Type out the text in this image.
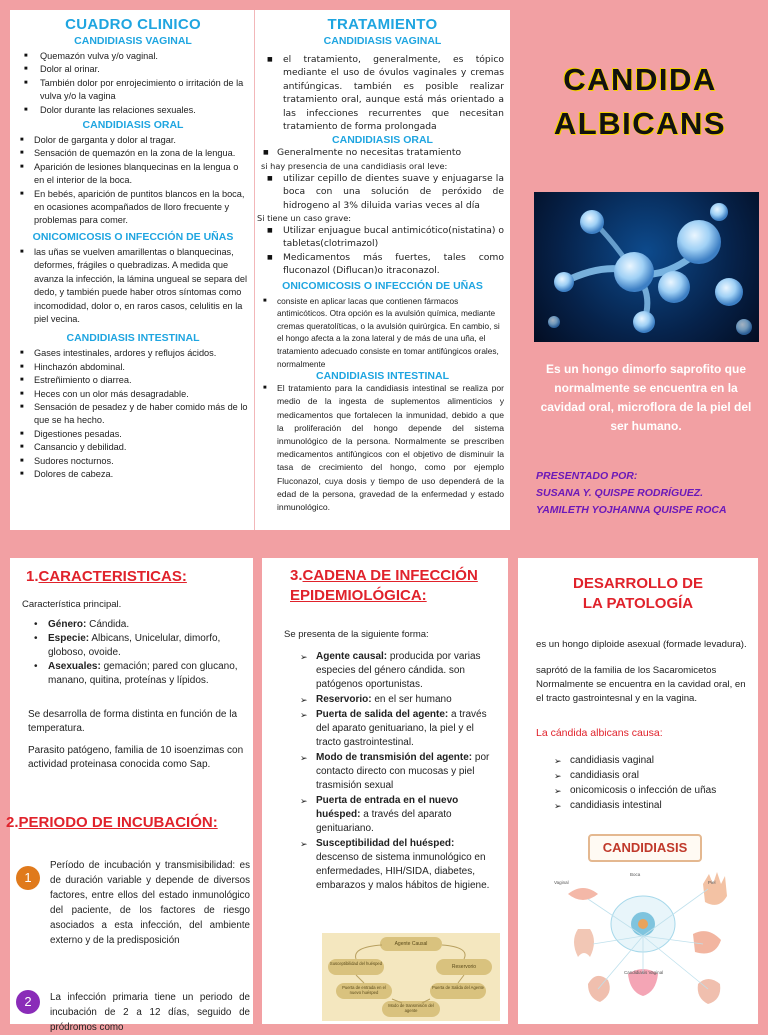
CUADRO CLINICO
CANDIDIASIS VAGINAL
■ Quemazón vulva y/o vaginal.
■ Dolor al orinar.
■ También dolor por enrojecimiento o irritación de la vulva y/o la vagina
■ Dolor durante las relaciones sexuales.
CANDIDIASIS ORAL
■ Dolor de garganta y dolor al tragar.
■ Sensación de quemazón en la zona de la lengua.
■ Aparición de lesiones blanquecinas en la lengua o en el interior de la boca.
■ En bebés, aparición de puntitos blancos en la boca, en ocasiones acompañados de lloro frecuente y problemas para comer.
ONICOMICOSIS O INFECCIÓN DE UÑAS
■ las uñas se vuelven amarillentas o blanquecinas, deformes, frágiles o quebradizas. A medida que avanza la infección, la lámina ungueal se separa del dedo, y también puede haber otros síntomas como incomodidad, dolor o, en raros casos, celulitis en la piel vecina.
CANDIDIASIS INTESTINAL
■ Gases intestinales, ardores y reflujos ácidos.
■ Hinchazón abdominal.
■ Estreñimiento o diarrea.
■ Heces con un olor más desagradable.
■ Sensación de pesadez y de haber comido más de lo que se ha hecho.
■ Digestiones pesadas.
■ Cansancio y debilidad.
■ Sudores nocturnos.
■ Dolores de cabeza.
TRATAMIENTO
CANDIDIASIS VAGINAL
■ el tratamiento, generalmente, es tópico mediante el uso de óvulos vaginales y cremas antifúngicas. también es posible realizar tratamiento oral, aunque está más orientado a las infecciones recurrentes que necesitan tratamiento de forma prolongada
CANDIDIASIS ORAL
■ Generalmente no necesitas tratamiento
si hay presencia de una candidiasis oral leve:
■ utilizar cepillo de dientes suave y enjuagarse la boca con una solución de peróxido de hidrogeno al 3% diluida varias veces al día
Si tiene un caso grave:
■ Utilizar enjuague bucal antimicótico(nistatina) o tabletas(clotrimazol)
■ Medicamentos más fuertes, tales como fluconazol (Diflucan)o itraconazol.
ONICOMICOSIS O INFECCIÓN DE UÑAS
■ consiste en aplicar lacas que contienen fármacos antimicóticos. Otra opción es la avulsión química, mediante cremas queratolíticas, o la avulsión quirúrgica. En cambio, si el hongo afecta a la zona lateral y de más de una uña, el tratamiento adecuado consiste en tomar antifúngicos orales, normalmente
CANDIDIASIS INTESTINAL
■ El tratamiento para la candidiasis intestinal se realiza por medio de la ingesta de suplementos alimenticios y medicamentos que fortalecen la inmunidad, debido a que la proliferación del hongo depende del sistema inmunológico de la persona. Normalmente se prescriben medicamentos antifúngicos con el objetivo de disminuir la tasa de crecimiento del hongo, como por ejemplo Fluconazol, cuya dosis y tiempo de uso dependerá de la edad de la persona, gravedad de la enfermedad y estado inmunológico.
CANDIDA
ALBICANS
Es un hongo dimorfo saprofito que normalmente se encuentra en la cavidad oral, microflora de la piel del ser humano.
PRESENTADO POR:
SUSANA Y. QUISPE RODRÍGUEZ.
YAMILETH YOJHANNA QUISPE ROCA
1.CARACTERISTICAS:
Característica principal.
• Género: Cándida.
• Especie: Albicans, Unicelular, dimorfo, globoso, ovoide.
• Asexuales: gemación; pared con glucano, manano, quitina, proteínas y lípidos.
Se desarrolla de forma distinta en función de la temperatura.
Parasito patógeno, familia de 10 isoenzimas con actividad proteinasa conocida como Sap.
2.PERIODO DE INCUBACIÓN:
1
Período de incubación y transmisibilidad: es de duración variable y depende de diversos factores, entre ellos del estado inmunológico del paciente, de los factores de riesgo asociados a esta infección, del ambiente externo y de la predisposición
2	La infección primaria tiene un periodo de incubación de 2 a 12 días, seguido de pródromos como
3.CADENA DE INFECCIÓN
EPIDEMIOLÓGICA:
Se presenta de la siguiente forma:
➢ Agente causal: producida por varias especies del género cándida. son patógenos oportunistas.
➢ Reservorio: en el ser humano
➢ Puerta de salida del agente: a través del aparato genituariano, la piel y el tracto gastrointestinal.
➢ Modo de transmisión del agente: por contacto directo con mucosas y piel trasmisión sexual
➢ Puerta de entrada en el nuevo huésped: a través del aparato genituariano.
➢ Susceptibilidad del huésped: descenso de sistema inmunológico en enfermedades, HIH/SIDA, diabetes, embarazos y malos hábitos de higiene.
Agente Causal
Susceptibilidad del huésped
Reservorio
Puerta de entrada en el nuevo huésped
Puerta de Salida del Agente
Modo de transmisión del agente
DESARROLLO DE
LA PATOLOGÍA
es un hongo diploide asexual (formade levadura).
saprótó de la familia de los Sacaromicetos Normalmente se encuentra en la cavidad oral, en el tracto gastrointesnal y en la vagina.
La cándida albicans causa:
➢ candidiasis vaginal
➢ candidiasis oral
➢ onicomicosis o infección de uñas
➢ candidiasis intestinal
CANDIDIASIS
Vaginal
Boca
Piel
Candidiasis Vaginal
